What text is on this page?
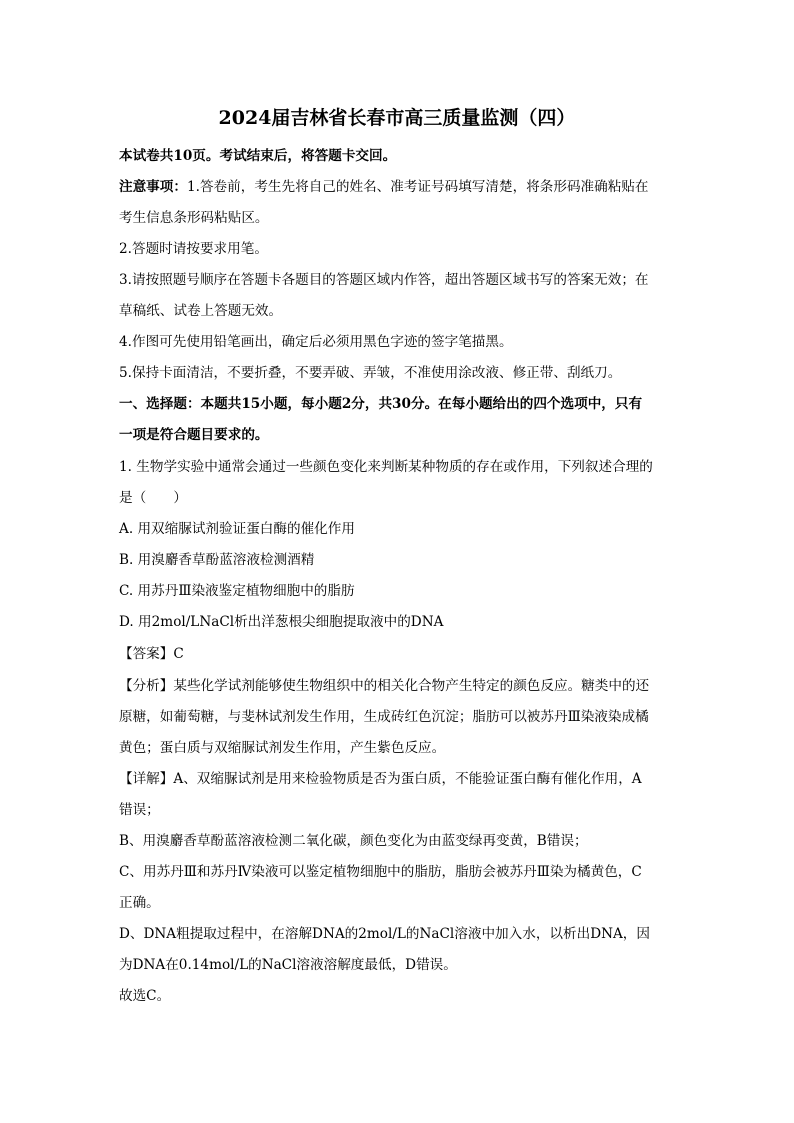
2024届吉林省长春市高三质量监测（四）
本试卷共10页。考试结束后，将答题卡交回。
注意事项：1.答卷前，考生先将自己的姓名、准考证号码填写清楚，将条形码准确粘贴在
考生信息条形码粘贴区。
2.答题时请按要求用笔。
3.请按照题号顺序在答题卡各题目的答题区域内作答，超出答题区域书写的答案无效；在
草稿纸、试卷上答题无效。
4.作图可先使用铅笔画出，确定后必须用黑色字迹的签字笔描黑。
5.保持卡面清洁，不要折叠，不要弄破、弄皱，不准使用涂改液、修正带、刮纸刀。
一、选择题：本题共15小题，每小题2分，共30分。在每小题给出的四个选项中，只有
一项是符合题目要求的。
1. 生物学实验中通常会通过一些颜色变化来判断某种物质的存在或作用，下列叙述合理的
是（　　）
A. 用双缩脲试剂验证蛋白酶的催化作用
B. 用溴麝香草酚蓝溶液检测酒精
C. 用苏丹Ⅲ染液鉴定植物细胞中的脂肪
D. 用2mol/LNaCl析出洋葱根尖细胞提取液中的DNA
【答案】C
【分析】某些化学试剂能够使生物组织中的相关化合物产生特定的颜色反应。糖类中的还
原糖，如葡萄糖，与斐林试剂发生作用，生成砖红色沉淀；脂肪可以被苏丹Ⅲ染液染成橘
黄色；蛋白质与双缩脲试剂发生作用，产生紫色反应。
【详解】A、双缩脲试剂是用来检验物质是否为蛋白质，不能验证蛋白酶有催化作用，A
错误；
B、用溴麝香草酚蓝溶液检测二氧化碳，颜色变化为由蓝变绿再变黄，B错误；
C、用苏丹Ⅲ和苏丹Ⅳ染液可以鉴定植物细胞中的脂肪，脂肪会被苏丹Ⅲ染为橘黄色，C
正确。
D、DNA粗提取过程中，在溶解DNA的2mol/L的NaCl溶液中加入水，以析出DNA，因
为DNA在0.14mol/L的NaCl溶液溶解度最低，D错误。
故选C。
